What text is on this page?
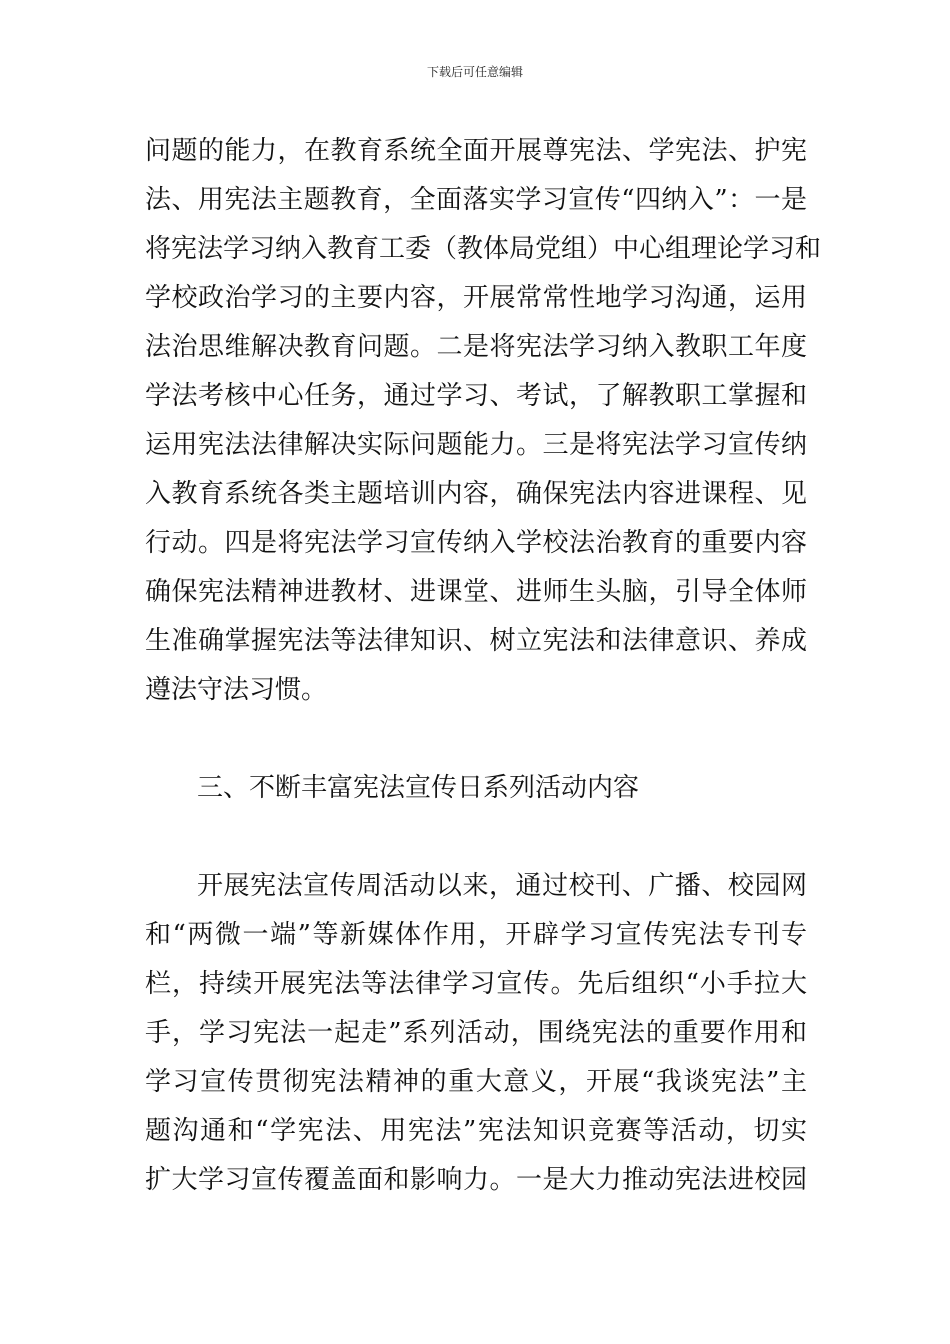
下载后可任意编辑
问题的能力，在教育系统全面开展尊宪法、学宪法、护宪
法、用宪法主题教育，全面落实学习宣传“四纳入”：一是
将宪法学习纳入教育工委（教体局党组）中心组理论学习和
学校政治学习的主要内容，开展常常性地学习沟通，运用
法治思维解决教育问题。二是将宪法学习纳入教职工年度
学法考核中心任务，通过学习、考试，了解教职工掌握和
运用宪法法律解决实际问题能力。三是将宪法学习宣传纳
入教育系统各类主题培训内容，确保宪法内容进课程、见
行动。四是将宪法学习宣传纳入学校法治教育的重要内容
确保宪法精神进教材、进课堂、进师生头脑，引导全体师
生准确掌握宪法等法律知识、树立宪法和法律意识、养成
遵法守法习惯。
三、不断丰富宪法宣传日系列活动内容
开展宪法宣传周活动以来，通过校刊、广播、校园网
和“两微一端”等新媒体作用，开辟学习宣传宪法专刊专
栏，持续开展宪法等法律学习宣传。先后组织“小手拉大
手，学习宪法一起走”系列活动，围绕宪法的重要作用和
学习宣传贯彻宪法精神的重大意义，开展“我谈宪法”主
题沟通和“学宪法、用宪法”宪法知识竞赛等活动，切实
扩大学习宣传覆盖面和影响力。一是大力推动宪法进校园
